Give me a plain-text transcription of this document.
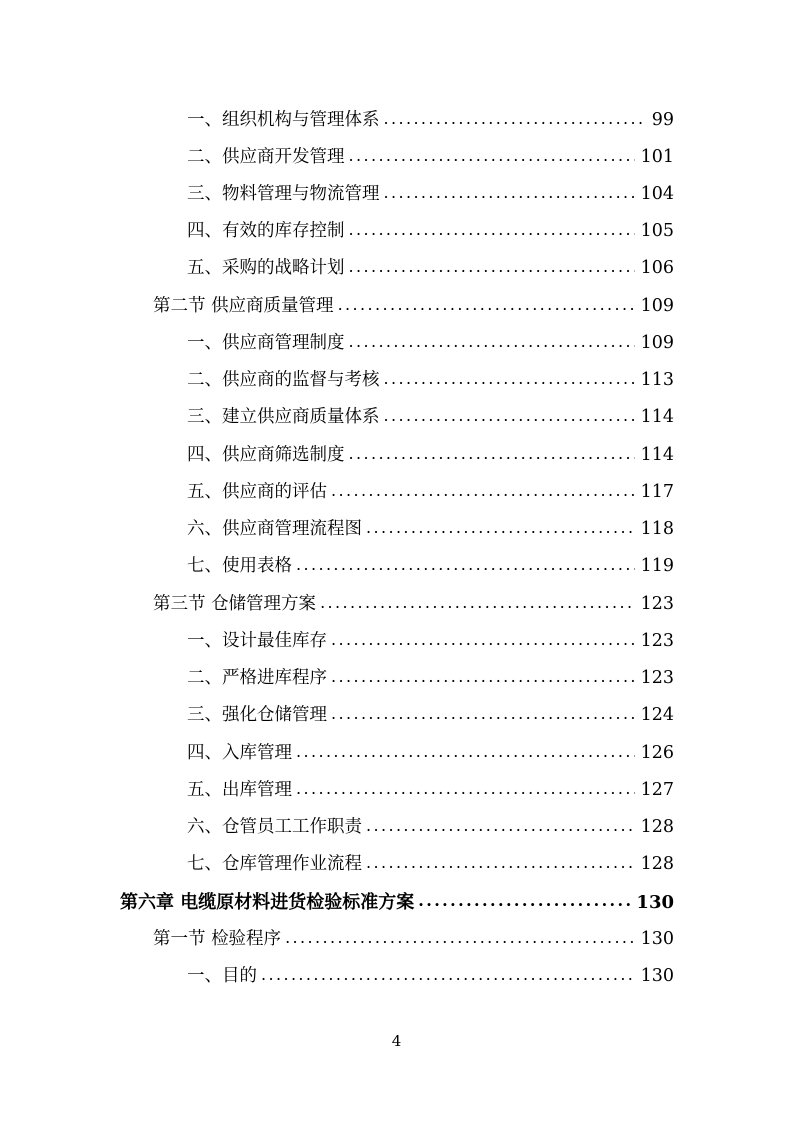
一、组织机构与管理体系 .....	99
二、供应商开发管理 .....	101
三、物料管理与物流管理 .....	104
四、有效的库存控制 .....	105
五、采购的战略计划 .....	106
第二节 供应商质量管理 .....	109
一、供应商管理制度 .....	109
二、供应商的监督与考核 .....	113
三、建立供应商质量体系 .....	114
四、供应商筛选制度 .....	114
五、供应商的评估 .....	117
六、供应商管理流程图 .....	118
七、使用表格 .....	119
第三节 仓储管理方案 .....	123
一、设计最佳库存 .....	123
二、严格进库程序 .....	123
三、强化仓储管理 .....	124
四、入库管理 .....	126
五、出库管理 .....	127
六、仓管员工工作职责 .....	128
七、仓库管理作业流程 .....	128
第六章 电缆原材料进货检验标准方案 .....	130
第一节 检验程序 .....	130
一、目的 .....	130
4
